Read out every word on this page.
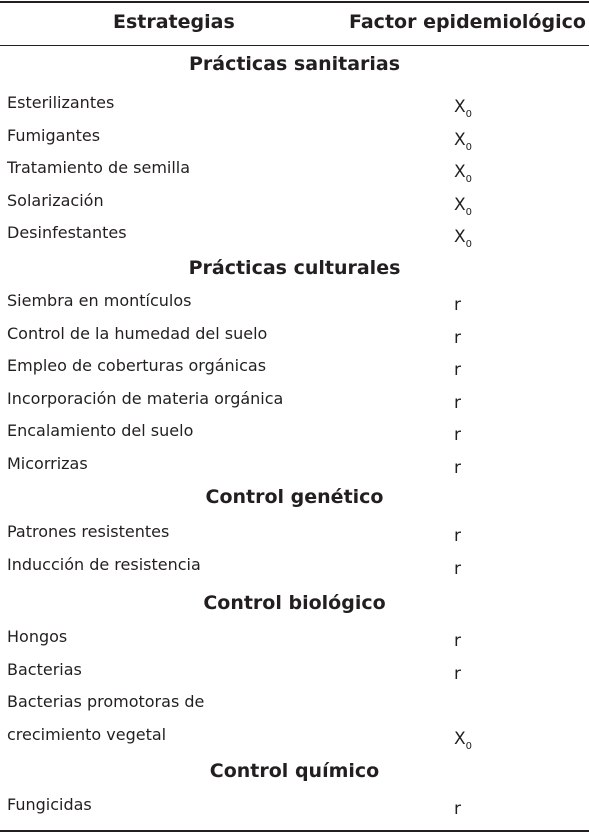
Estrategias	Factor epidemiológico
Prácticas sanitarias
Esterilizantes	$X_0$
Fumigantes	$X_0$
Tratamiento de semilla	$X_0$
Solarización	$X_0$
Desinfestantes	$X_0$
Prácticas culturales
Siembra en montículos	r
Control de la humedad del suelo	r
Empleo de coberturas orgánicas	r
Incorporación de materia orgánica	r
Encalamiento del suelo	r
Micorrizas	r
Control genético
Patrones resistentes	r
Inducción de resistencia	r
Control biológico
Hongos	r
Bacterias	r
Bacterias promotoras de
crecimiento vegetal	$X_0$
Control químico
Fungicidas	r
